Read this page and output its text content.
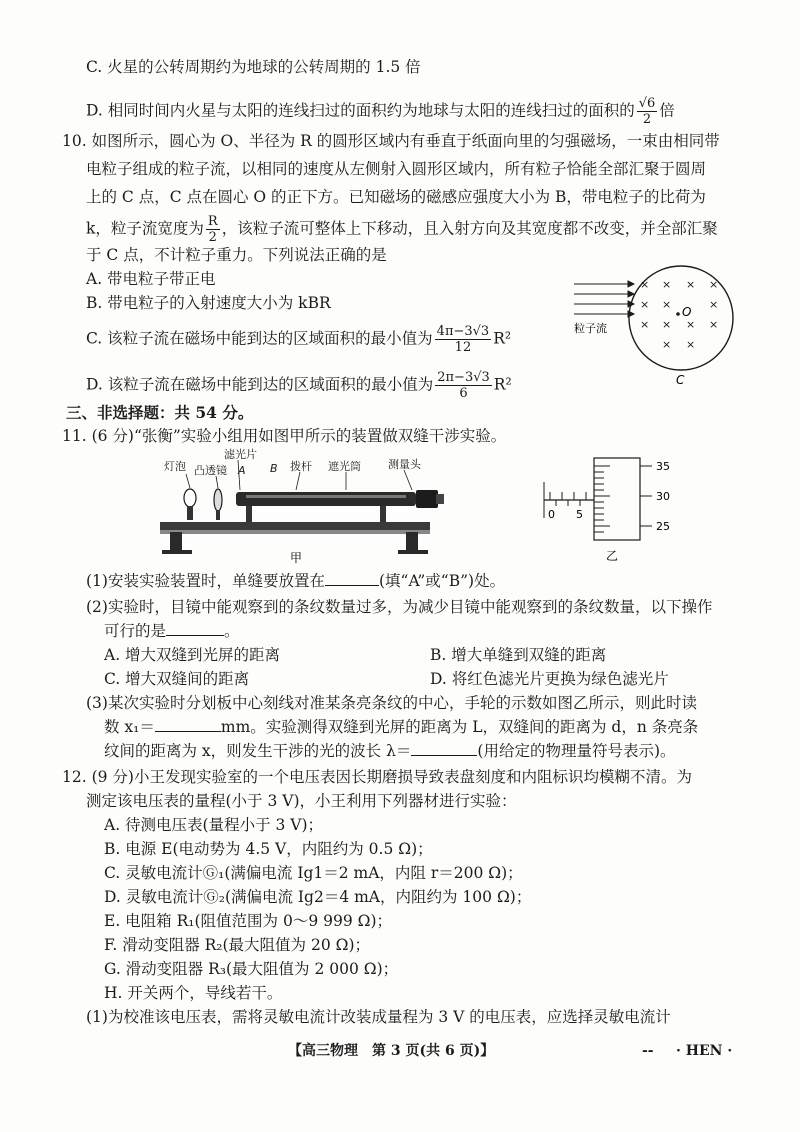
C. 火星的公转周期约为地球的公转周期的 1.5 倍
D. 相同时间内火星与太阳的连线扫过的面积约为地球与太阳的连线扫过的面积的 $\frac{√6}{2}$ 倍
10. 如图所示，圆心为 O、半径为 R 的圆形区域内有垂直于纸面向里的匀强磁场，一束由相同带
电粒子组成的粒子流，以相同的速度从左侧射入圆形区域内，所有粒子恰能全部汇聚于圆周
上的 C 点，C 点在圆心 O 的正下方。已知磁场的磁感应强度大小为 B，带电粒子的比荷为
k，粒子流宽度为 $\frac{R}{2}$ ，该粒子流可整体上下移动，且入射方向及其宽度都不改变，并全部汇聚
于 C 点，不计粒子重力。下列说法正确的是
A. 带电粒子带正电
B. 带电粒子的入射速度大小为 kBR
C. 该粒子流在磁场中能到达的区域面积的最小值为 $\frac{4\pi-3√3}{12} R^2$
D. 该粒子流在磁场中能到达的区域面积的最小值为 $\frac{2\pi-3√3}{6} R^2$
粒子流
× × × ×
× ×	×
× × × ×
× ×
O
C
三、非选择题：共 54 分。
11. (6 分)“张衡”实验小组用如图甲所示的装置做双缝干涉实验。
滤光片
灯泡 凸透镜 A B 拨杆 遮光筒 测量头
甲
0 5
35
30
25
乙
(1)安装实验装置时，单缝要放置在	(填“A”或“B”)处。
(2)实验时，目镜中能观察到的条纹数量过多，为减少目镜中能观察到的条纹数量，以下操作
可行的是	。
A. 增大双缝到光屏的距离	B. 增大单缝到双缝的距离
C. 增大双缝间的距离	D. 将红色滤光片更换为绿色滤光片
(3)某次实验时分划板中心刻线对准某条亮条纹的中心，手轮的示数如图乙所示，则此时读
数 x₁＝	mm。实验测得双缝到光屏的距离为 L，双缝间的距离为 d，n 条亮条
纹间的距离为 x，则发生干涉的光的波长 λ＝	(用给定的物理量符号表示)。
12. (9 分)小王发现实验室的一个电压表因长期磨损导致表盘刻度和内阻标识均模糊不清。为
测定该电压表的量程(小于 3 V)，小王利用下列器材进行实验：
A. 待测电压表(量程小于 3 V)；
B. 电源 E(电动势为 4.5 V，内阻约为 0.5 Ω)；
C. 灵敏电流计Ⓖ₁(满偏电流 Ig1＝2 mA，内阻 r＝200 Ω)；
D. 灵敏电流计Ⓖ₂(满偏电流 Ig2＝4 mA，内阻约为 100 Ω)；
E. 电阻箱 R₁(阻值范围为 0～9 999 Ω)；
F. 滑动变阻器 R₂(最大阻值为 20 Ω)；
G. 滑动变阻器 R₃(最大阻值为 2 000 Ω)；
H. 开关两个，导线若干。
(1)为校准该电压表，需将灵敏电流计改装成量程为 3 V 的电压表，应选择灵敏电流计
【高三物理　第 3 页(共 6 页)】	-- · HEN ·
